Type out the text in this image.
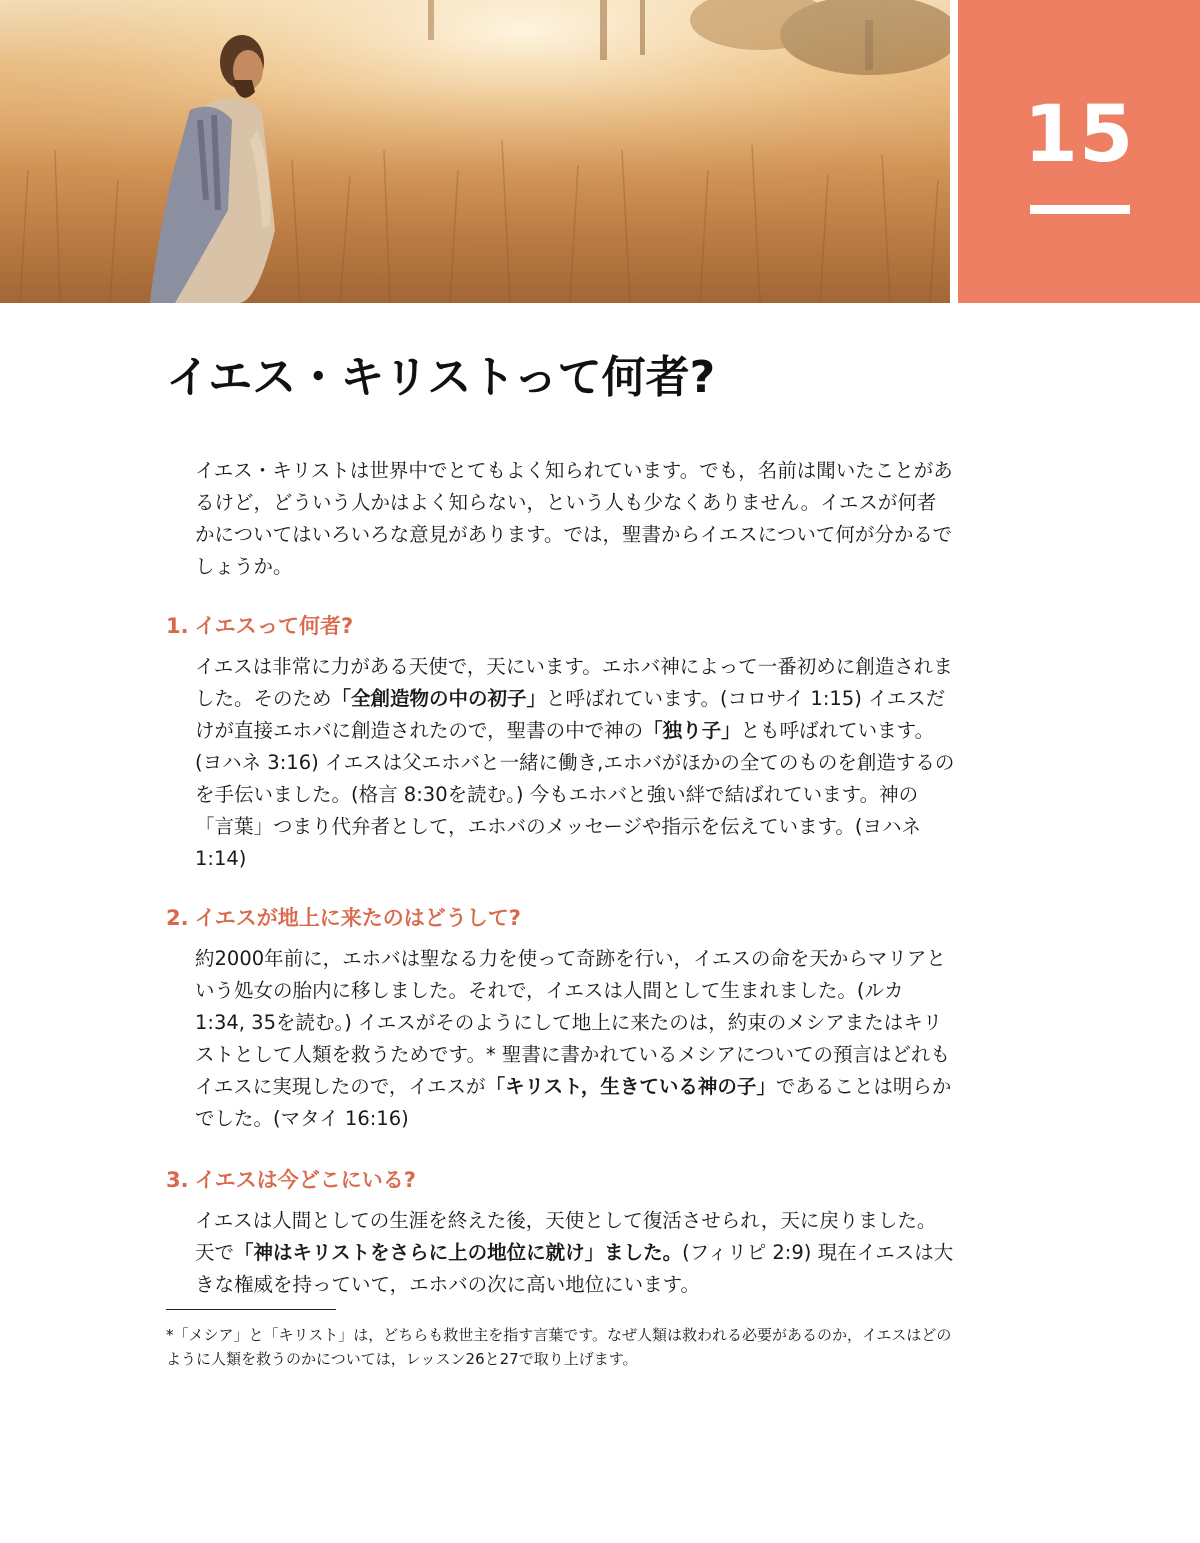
15
イエス・キリストって何者?

イエス・キリストは世界中でとてもよく知られています。でも，名前は聞いたことがあるけど，どういう人かはよく知らない，という人も少なくありません。イエスが何者かについてはいろいろな意見があります。では，聖書からイエスについて何が分かるでしょうか。

1. イエスって何者?

イエスは非常に力がある天使で，天にいます。エホバ神によって一番初めに創造されました。そのため「全創造物の中の初子」と呼ばれています。(コロサイ 1:15) イエスだけが直接エホバに創造されたので，聖書の中で神の「独り子」とも呼ばれています。(ヨハネ 3:16) イエスは父エホバと一緒に働き,エホバがほかの全てのものを創造するのを手伝いました。(格言 8:30を読む。) 今もエホバと強い絆で結ばれています。神の「言葉」つまり代弁者として，エホバのメッセージや指示を伝えています。(ヨハネ 1:14)

2. イエスが地上に来たのはどうして?

約2000年前に，エホバは聖なる力を使って奇跡を行い，イエスの命を天からマリアという処女の胎内に移しました。それで，イエスは人間として生まれました。(ルカ 1:34, 35を読む。) イエスがそのようにして地上に来たのは，約束のメシアまたはキリストとして人類を救うためです。* 聖書に書かれているメシアについての預言はどれもイエスに実現したので，イエスが「キリスト，生きている神の子」であることは明らかでした。(マタイ 16:16)

3. イエスは今どこにいる?

イエスは人間としての生涯を終えた後，天使として復活させられ，天に戻りました。天で「神はキリストをさらに上の地位に就け」ました。(フィリピ 2:9) 現在イエスは大きな権威を持っていて，エホバの次に高い地位にいます。

*「メシア」と「キリスト」は，どちらも救世主を指す言葉です。なぜ人類は救われる必要があるのか，イエスはどのように人類を救うのかについては，レッスン26と27で取り上げます。
